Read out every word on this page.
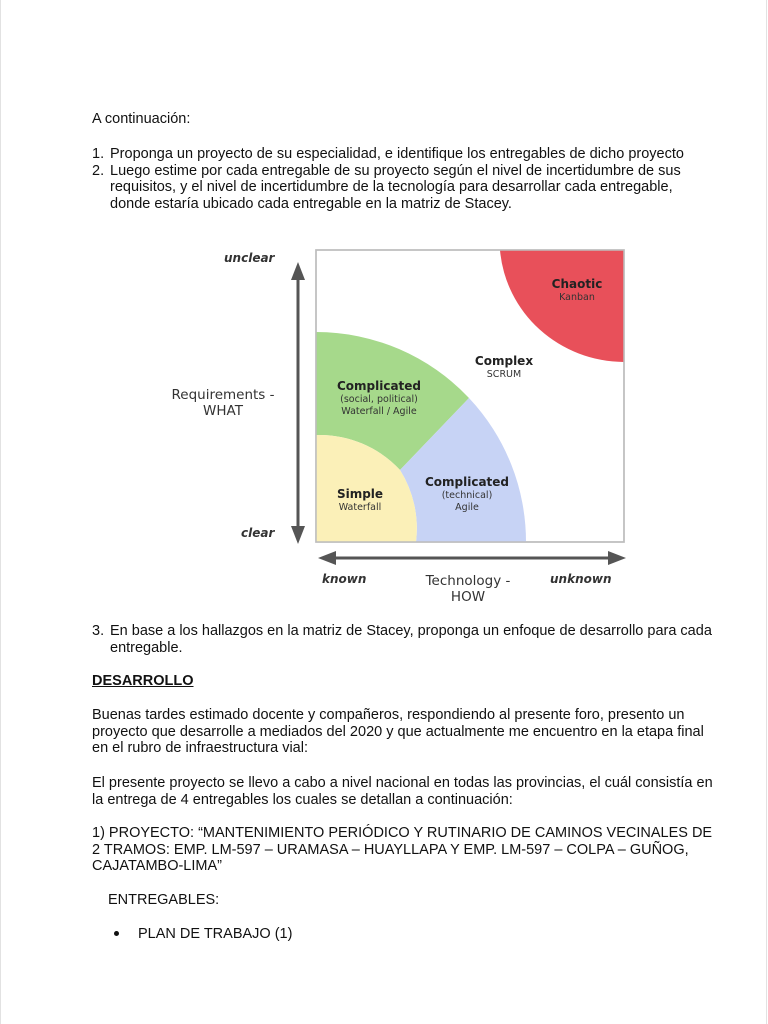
A continuación:
1. Proponga un proyecto de su especialidad, e identifique los entregables de dicho proyecto
2. Luego estime por cada entregable de su proyecto según el nivel de incertidumbre de sus requisitos, y el nivel de incertidumbre de la tecnología para desarrollar cada entregable, donde estaría ubicado cada entregable en la matriz de Stacey.
unclear
clear
Requirements -
WHAT
known	unknown
Technology -
HOW
Chaotic
Kanban
Complex
SCRUM
Complicated
(social, political)
Waterfall / Agile
Complicated
(technical)
Agile
Simple
Waterfall
3. En base a los hallazgos en la matriz de Stacey, proponga un enfoque de desarrollo para cada entregable.
DESARROLLO
Buenas tardes estimado docente y compañeros, respondiendo al presente foro, presento un proyecto que desarrolle a mediados del 2020 y que actualmente me encuentro en la etapa final en el rubro de infraestructura vial:
El presente proyecto se llevo a cabo a nivel nacional en todas las provincias, el cuál consistía en la entrega de 4 entregables los cuales se detallan a continuación:
1) PROYECTO: “MANTENIMIENTO PERIÓDICO Y RUTINARIO DE CAMINOS VECINALES DE 2 TRAMOS: EMP. LM-597 – URAMASA – HUAYLLAPA Y EMP. LM-597 – COLPA – GUÑOG, CAJATAMBO-LIMA”
ENTREGABLES:
PLAN DE TRABAJO (1)
